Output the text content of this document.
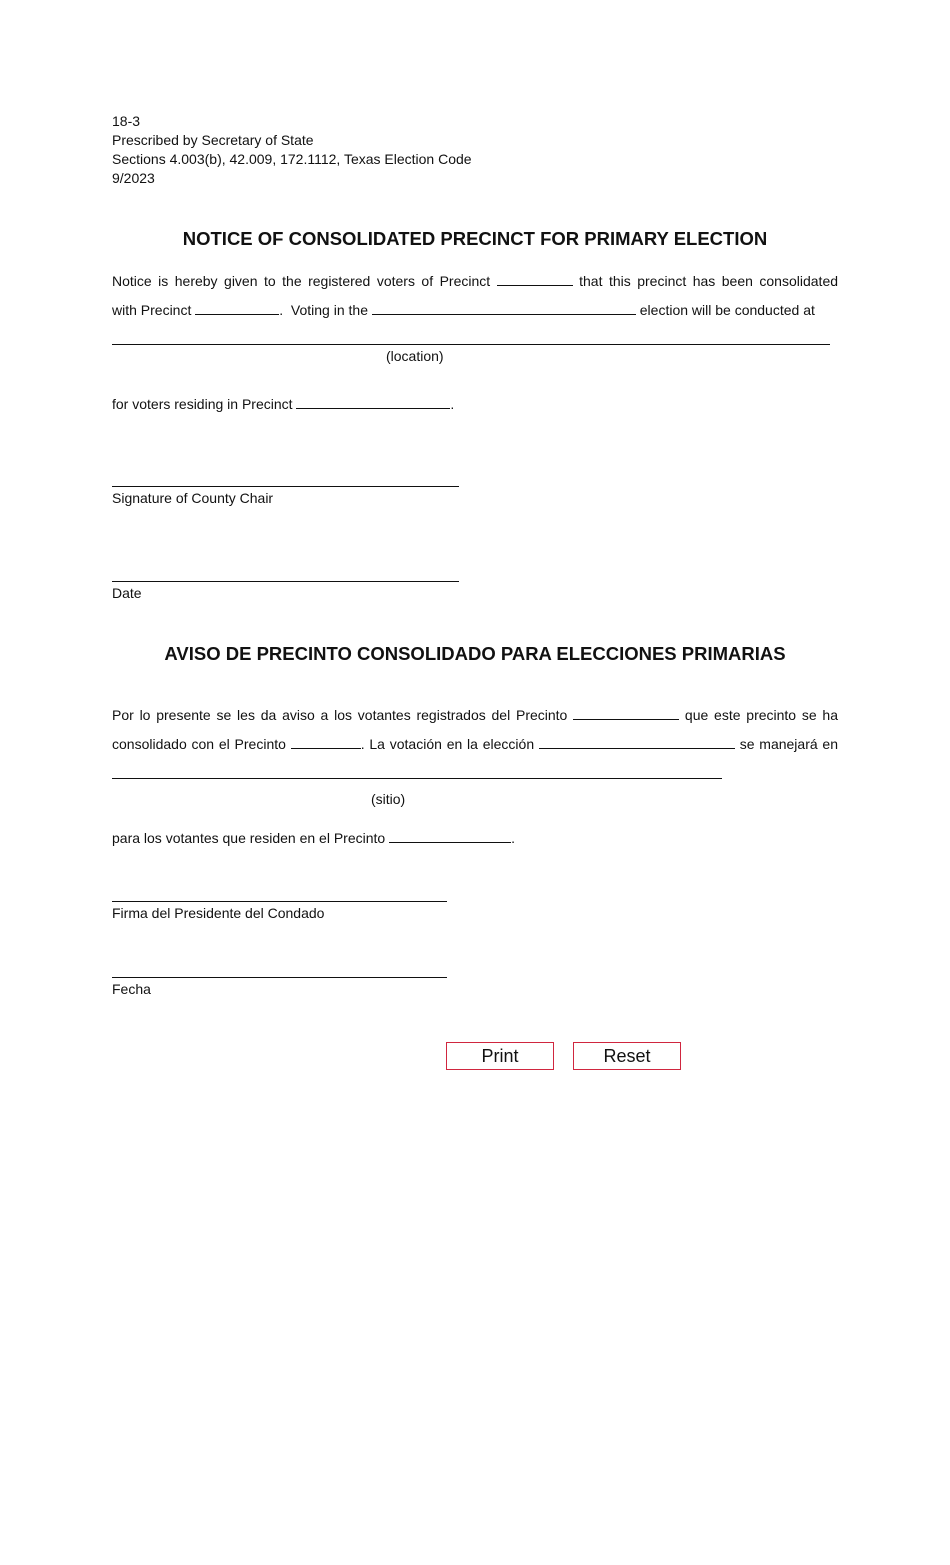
18-3
Prescribed by Secretary of State
Sections 4.003(b), 42.009, 172.1112, Texas Election Code
9/2023
NOTICE OF CONSOLIDATED PRECINCT FOR PRIMARY ELECTION
Notice is hereby given to the registered voters of Precinct	that this precinct has been consolidated
with Precinct	.  Voting in the	election will be conducted at
(location)
for voters residing in Precinct	.
Signature of County Chair
Date
AVISO DE PRECINTO CONSOLIDADO PARA ELECCIONES PRIMARIAS
Por lo presente se les da aviso a los votantes registrados del Precinto	que este precinto se ha
consolidado con el Precinto	. La votación en la elección	se manejará en
(sitio)
para los votantes que residen en el Precinto	.
Firma del Presidente del Condado
Fecha
Print	Reset
